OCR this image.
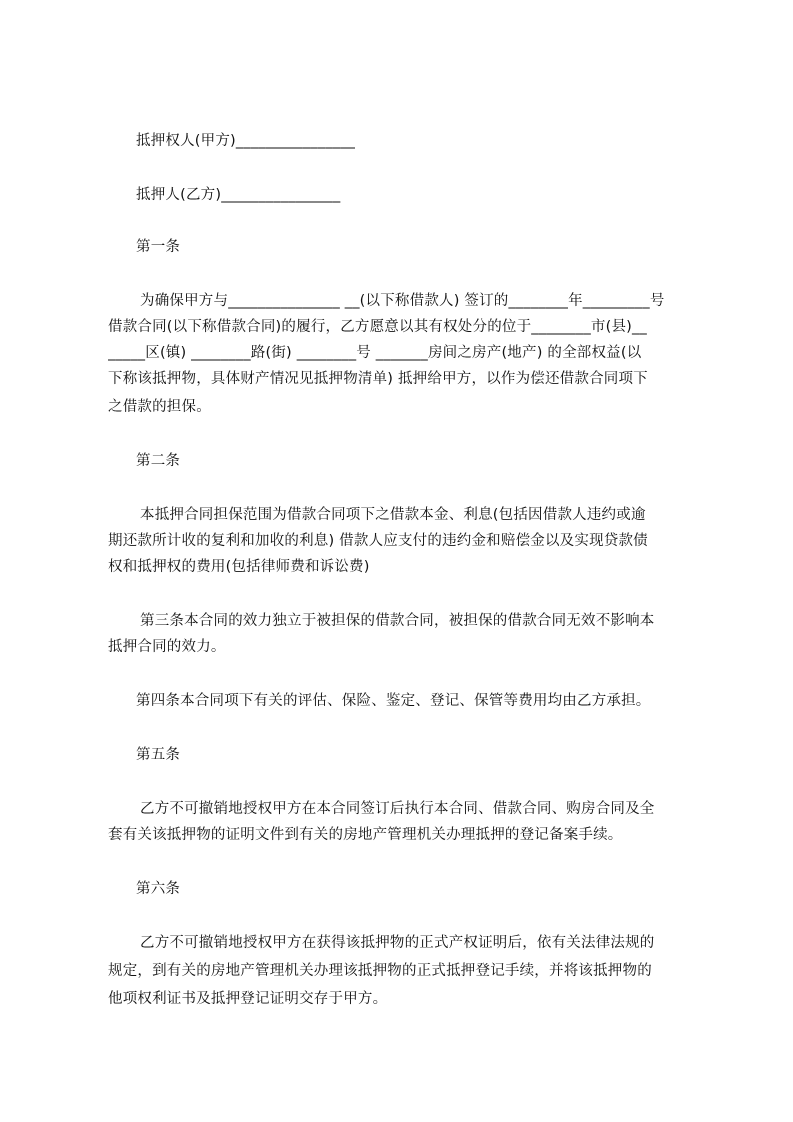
抵押权人(甲方)________________
抵押人(乙方)________________
第一条
为确保甲方与_______________ __(以下称借款人) 签订的________年_________号
借款合同(以下称借款合同)的履行，乙方愿意以其有权处分的位于________市(县)__
_____区(镇) ________路(街) ________号 _______房间之房产(地产) 的全部权益(以
下称该抵押物，具体财产情况见抵押物清单) 抵押给甲方，以作为偿还借款合同项下
之借款的担保。
第二条
本抵押合同担保范围为借款合同项下之借款本金、利息(包括因借款人违约或逾
期还款所计收的复利和加收的利息) 借款人应支付的违约金和赔偿金以及实现贷款债
权和抵押权的费用(包括律师费和诉讼费)
第三条本合同的效力独立于被担保的借款合同，被担保的借款合同无效不影响本
抵押合同的效力。
第四条本合同项下有关的评估、保险、鉴定、登记、保管等费用均由乙方承担。
第五条
乙方不可撤销地授权甲方在本合同签订后执行本合同、借款合同、购房合同及全
套有关该抵押物的证明文件到有关的房地产管理机关办理抵押的登记备案手续。
第六条
乙方不可撤销地授权甲方在获得该抵押物的正式产权证明后，依有关法律法规的
规定，到有关的房地产管理机关办理该抵押物的正式抵押登记手续，并将该抵押物的
他项权利证书及抵押登记证明交存于甲方。
